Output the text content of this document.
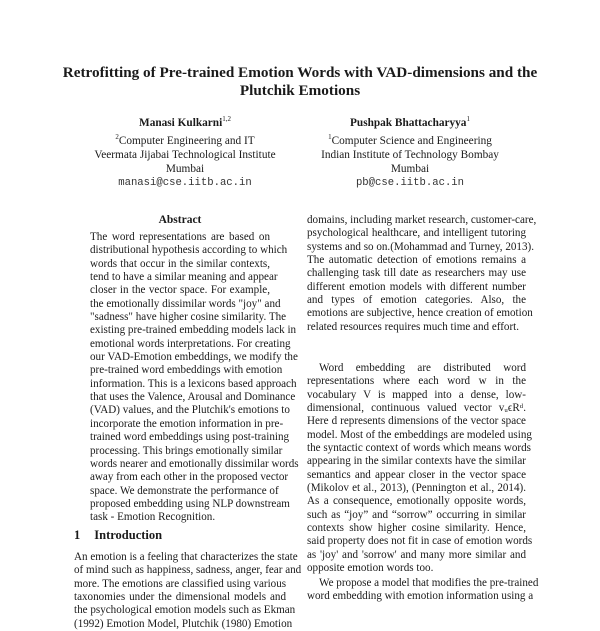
Retrofitting of Pre-trained Emotion Words with VAD-dimensions and the
Plutchik Emotions
Manasi Kulkarni$^{1,2}$
$^2$Computer Engineering and IT
Veermata Jijabai Technological Institute
Mumbai
manasi@cse.iitb.ac.in
Pushpak Bhattacharyya$^1$
$^1$Computer Science and Engineering
Indian Institute of Technology Bombay
Mumbai
pb@cse.iitb.ac.in
Abstract
The word representations are based on
distributional hypothesis according to which
words that occur in the similar contexts,
tend to have a similar meaning and appear
closer in the vector space. For example,
the emotionally dissimilar words "joy" and
"sadness" have higher cosine similarity. The
existing pre-trained embedding models lack in
emotional words interpretations. For creating
our VAD-Emotion embeddings, we modify the
pre-trained word embeddings with emotion
information. This is a lexicons based approach
that uses the Valence, Arousal and Dominance
(VAD) values, and the Plutchik's emotions to
incorporate the emotion information in pre-
trained word embeddings using post-training
processing. This brings emotionally similar
words nearer and emotionally dissimilar words
away from each other in the proposed vector
space. We demonstrate the performance of
proposed embedding using NLP downstream
task - Emotion Recognition.
1 Introduction
An emotion is a feeling that characterizes the state
of mind such as happiness, sadness, anger, fear and
more. The emotions are classified using various
taxonomies under the dimensional models and
the psychological emotion models such as Ekman
(1992) Emotion Model, Plutchik (1980) Emotion
domains, including market research, customer-care,
psychological healthcare, and intelligent tutoring
systems and so on.(Mohammad and Turney, 2013).
The automatic detection of emotions remains a
challenging task till date as researchers may use
different emotion models with different number
and types of emotion categories. Also, the
emotions are subjective, hence creation of emotion
related resources requires much time and effort.
Word embedding are distributed word
representations where each word w in the
vocabulary V is mapped into a dense, low-
dimensional, continuous valued vector vᵤϵRᵈ.
Here d represents dimensions of the vector space
model. Most of the embeddings are modeled using
the syntactic context of words which means words
appearing in the similar contexts have the similar
semantics and appear closer in the vector space
(Mikolov et al., 2013), (Pennington et al., 2014).
As a consequence, emotionally opposite words,
such as “joy” and “sorrow” occurring in similar
contexts show higher cosine similarity. Hence,
said property does not fit in case of emotion words
as 'joy' and 'sorrow' and many more similar and
opposite emotion words too.
We propose a model that modifies the pre-trained
word embedding with emotion information using a
